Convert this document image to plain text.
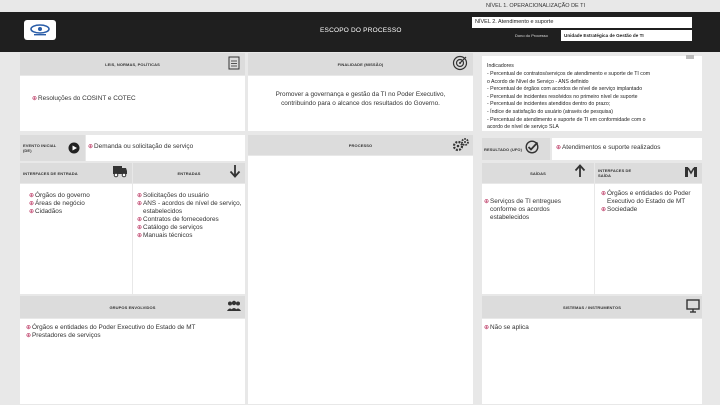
NÍVEL 1. OPERACIONALIZAÇÃO DE TI
ESCOPO DO PROCESSO
NÍVEL 2. Atendimento e suporte
Dono do Processo	Unidade Estratégica de Gestão de TI
LEIS, NORMAS, POLÍTICAS
⊕ Resoluções do COSINT e COTEC
FINALIDADE (MISSÃO)
Promover a governança e gestão da TI no Poder Executivo, contribuindo para o alcance dos resultados do Governo.
Indicadores
- Percentual de contratos/serviços de atendimento e suporte de TI com
o Acordo de Nível de Serviço - ANS definido
- Percentual de órgãos com acordos de nível de serviço implantado
- Percentual de incidentes resolvidos no primeiro nível de suporte
- Percentual de incidentes atendidos dentro do prazo;
- Índice de satisfação do usuário (através de pesquisa)
- Percentual de atendimento e suporte de TI em conformidade com o
acordo de nível de serviço SLA
EVENTO INICIAL (DE)
⊕ Demanda ou solicitação de serviço	PROCESSO
RESULTADO (UFO)	⊕ Atendimentos e suporte realizados
INTERFACES DE ENTRADA
⊕ Órgãos do governo
⊕ Áreas de negócio
⊕ Cidadãos
ENTRADAS
⊕ Solicitações do usuário
⊕ ANS - acordos de nível de serviço, estabelecidos
⊕ Contratos de fornecedores
⊕ Catálogo de serviços
⊕ Manuais técnicos
SAÍDAS
⊕ Serviços de TI entregues conforme os acordos estabelecidos
INTERFACES DE SAÍDA
⊕ Órgãos e entidades do Poder Executivo do Estado de MT
⊕ Sociedade
GRUPOS ENVOLVIDOS
⊕ Órgãos e entidades do Poder Executivo do Estado de MT
⊕ Prestadores de serviços
SISTEMAS / INSTRUMENTOS
⊕ Não se aplica
